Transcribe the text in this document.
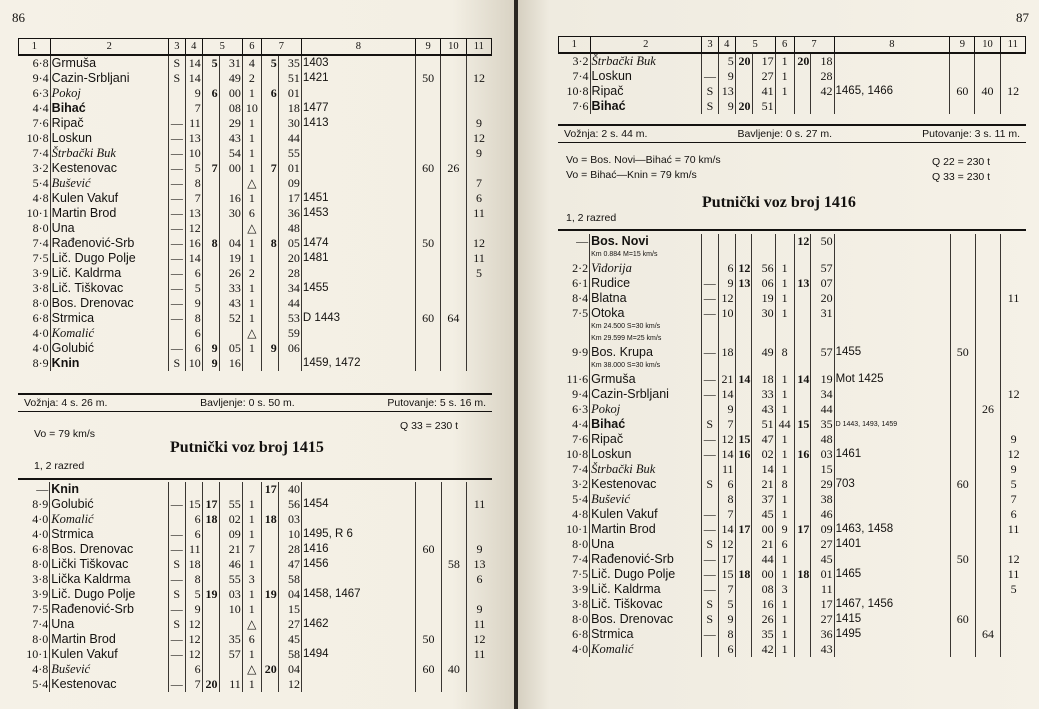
86
1	2	3	4	5		6	7		8	9	10	11
6·8	Grmuša	S	14	5	31	4	5	35	1403			
9·4	Cazin-Srbljani	S	14		49	2		51	1421	50		12
6·3	Pokoj		9	6	00	1	6	01				
4·4	Bihać		7		08	10		18	1477			
7·6	Ripač	—	11		29	1		30	1413			9
10·8	Loskun	—	13		43	1		44				12
7·4	Štrbački Buk	—	10		54	1		55				9
3·2	Kestenovac	—	5	7	00	1	7	01		60	26	
5·4	Bušević	—	8			△		09				7
4·8	Kulen Vakuf	—	7		16	1		17	1451			6
10·1	Martin Brod	—	13		30	6		36	1453			11
8·0	Una	—	12			△		48				
7·4	Rađenović-Srb	—	16	8	04	1	8	05	1474	50		12
7·5	Lič. Dugo Polje	—	14		19	1		20	1481			11
3·9	Lič. Kaldrma	—	6		26	2		28				5
3·8	Lič. Tiškovac	—	5		33	1		34	1455			
8·0	Bos. Drenovac	—	9		43	1		44				
6·8	Strmica	—	8		52	1		53	D 1443	60	64	
4·0	Komalić		6			△		59				
4·0	Golubić	—	6	9	05	1	9	06				
8·9	Knin	S	10	9	16				1459, 1472			
Vožnja: 4 s. 26 m.	Bavljenje: 0 s. 50 m.	Putovanje: 5 s. 16 m.
Vo = 79 km/s
Q 33 = 230 t
Putnički voz broj 1415
1, 2 razred
—	Knin						17	40				
8·9	Golubić	—	15	17	55	1		56	1454			11
4·0	Komalić		6	18	02	1	18	03				
4·0	Strmica	—	6		09	1		10	1495, R 6			
6·8	Bos. Drenovac	—	11		21	7		28	1416	60		9
8·0	Lički Tiškovac	S	18		46	1		47	1456		58	13
3·8	Lička Kaldrma	—	8		55	3		58				6
3·9	Lič. Dugo Polje	S	5	19	03	1	19	04	1458, 1467			
7·5	Rađenović-Srb	—	9		10	1		15				9
7·4	Una	S	12			△		27	1462			11
8·0	Martin Brod	—	12		35	6		45		50		12
10·1	Kulen Vakuf	—	12		57	1		58	1494			11
4·8	Bušević		6			△	20	04		60	40	
5·4	Kestenovac	—	7	20	11	1		12				
87
1	2	3	4	5		6	7		8	9	10	11
3·2	Štrbački Buk		5	20	17	1	20	18				
7·4	Loskun	—	9		27	1		28				
10·8	Ripač	S	13		41	1		42	1465, 1466	60	40	12
7·6	Bihać	S	9	20	51							
Vožnja: 2 s. 44 m.	Bavljenje: 0 s. 27 m.	Putovanje: 3 s. 11 m.
Vo = Bos. Novi—Bihać = 70 km/s
Vo = Bihać—Knin = 79 km/s
Q 22 = 230 t
Q 33 = 230 t
Putnički voz broj 1416
1, 2 razred
—	Bos. Novi						12	50				
	Km 0.884 M=15 km/s											
2·2	Vidorija		6	12	56	1		57				
6·1	Rudice	—	9	13	06	1	13	07				
8·4	Blatna	—	12		19	1		20				11
7·5	Otoka	—	10		30	1		31				
	Km 24.500 S=30 km/s											
	Km 29.599 M=25 km/s											
9·9	Bos. Krupa	—	18		49	8		57	1455	50		
	Km 38.000 S=30 km/s											
11·6	Grmuša	—	21	14	18	1	14	19	Mot 1425			
9·4	Cazin-Srbljani	—	14		33	1		34				12
6·3	Pokoj		9		43	1		44			26	
4·4	Bihać	S	7		51	44	15	35	D 1443, 1493, 1459			
7·6	Ripač	—	12	15	47	1		48				9
10·8	Loskun	—	14	16	02	1	16	03	1461			12
7·4	Štrbački Buk		11		14	1		15				9
3·2	Kestenovac	S	6		21	8		29	703	60		5
5·4	Bušević		8		37	1		38				7
4·8	Kulen Vakuf	—	7		45	1		46				6
10·1	Martin Brod	—	14	17	00	9	17	09	1463, 1458			11
8·0	Una	S	12		21	6		27	1401			
7·4	Rađenović-Srb	—	17		44	1		45		50		12
7·5	Lič. Dugo Polje	—	15	18	00	1	18	01	1465			11
3·9	Lič. Kaldrma	—	7		08	3		11				5
3·8	Lič. Tiškovac	S	5		16	1		17	1467, 1456			
8·0	Bos. Drenovac	S	9		26	1		27	1415	60		
6·8	Strmica	—	8		35	1		36	1495		64	
4·0	Komalić		6		42	1		43				
